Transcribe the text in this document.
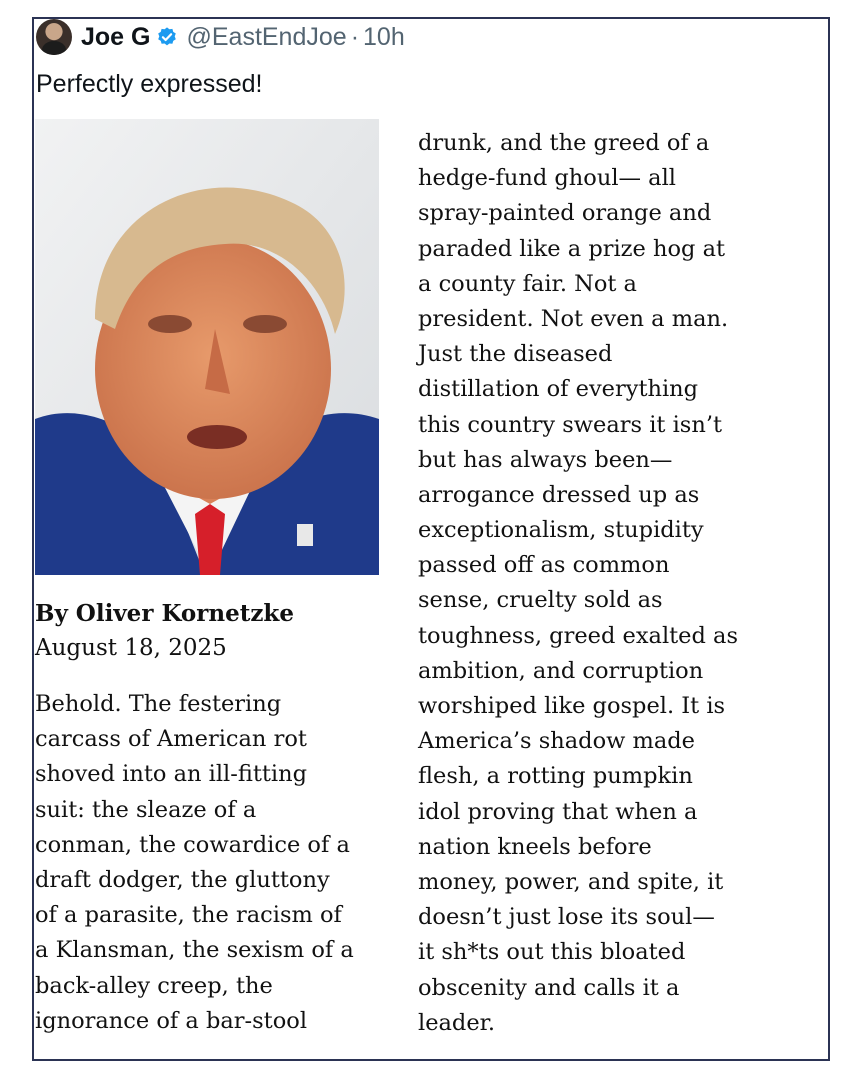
Joe G @EastEndJoe · 10h

Perfectly expressed!

By Oliver Kornetzke

August 18, 2025

Behold. The festering
carcass of American rot
shoved into an ill-fitting
suit: the sleaze of a
conman, the cowardice of a
draft dodger, the gluttony
of a parasite, the racism of
a Klansman, the sexism of a
back-alley creep, the
ignorance of a bar-stool
drunk, and the greed of a
hedge-fund ghoul— all
spray-painted orange and
paraded like a prize hog at
a county fair. Not a
president. Not even a man.
Just the diseased
distillation of everything
this country swears it isn’t
but has always been—
arrogance dressed up as
exceptionalism, stupidity
passed off as common
sense, cruelty sold as
toughness, greed exalted as
ambition, and corruption
worshiped like gospel. It is
America’s shadow made
flesh, a rotting pumpkin
idol proving that when a
nation kneels before
money, power, and spite, it
doesn’t just lose its soul—
it sh*ts out this bloated
obscenity and calls it a
leader.
